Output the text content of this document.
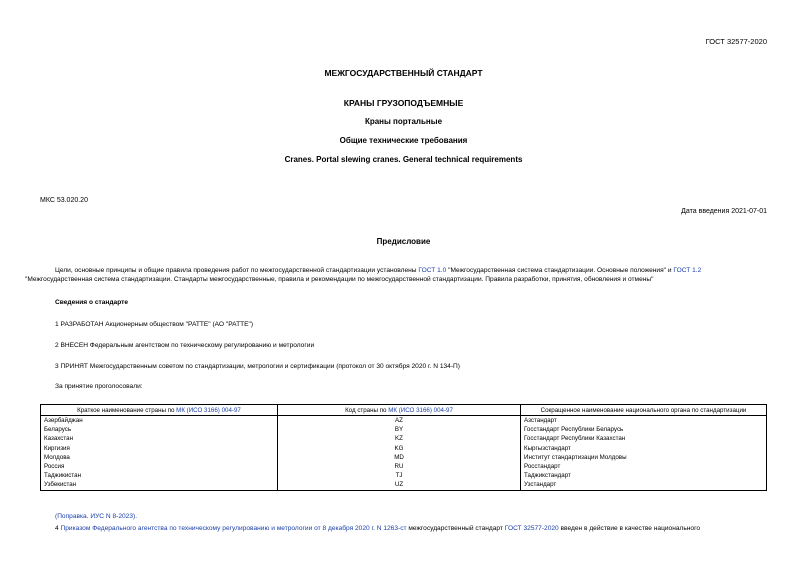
ГОСТ 32577-2020
МЕЖГОСУДАРСТВЕННЫЙ СТАНДАРТ
КРАНЫ ГРУЗОПОДЪЕМНЫЕ
Краны портальные
Общие технические требования
Cranes. Portal slewing cranes. General technical requirements
МКС 53.020.20
Дата введения 2021-07-01
Предисловие
Цели, основные принципы и общие правила проведения работ по межгосударственной стандартизации установлены ГОСТ 1.0 "Межгосударственная система стандартизации. Основные положения" и ГОСТ 1.2
"Межгосударственная система стандартизации. Стандарты межгосударственные, правила и рекомендации по межгосударственной стандартизации. Правила разработки, принятия, обновления и отмены"
Сведения о стандарте
1 РАЗРАБОТАН Акционерным обществом "РАТТЕ" (АО "РАТТЕ")
2 ВНЕСЕН Федеральным агентством по техническому регулированию и метрологии
3 ПРИНЯТ Межгосударственным советом по стандартизации, метрологии и сертификации (протокол от 30 октября 2020 г. N 134-П)
За принятие проголосовали:
Краткое наименование страны по МК (ИСО 3166) 004-97	Код страны по МК (ИСО 3166) 004-97	Сокращенное наименование национального органа по стандартизации
Азербайджан	AZ	Азстандарт
Беларусь	BY	Госстандарт Республики Беларусь
Казахстан	KZ	Госстандарт Республики Казахстан
Киргизия	KG	Кыргызстандарт
Молдова	MD	Институт стандартизации Молдовы
Россия	RU	Росстандарт
Таджикистан	TJ	Таджикстандарт
Узбекистан	UZ	Узстандарт
(Поправка. ИУС N 8-2023).
4 Приказом Федерального агентства по техническому регулированию и метрологии от 8 декабря 2020 г. N 1263-ст межгосударственный стандарт ГОСТ 32577-2020 введен в действие в качестве национального
